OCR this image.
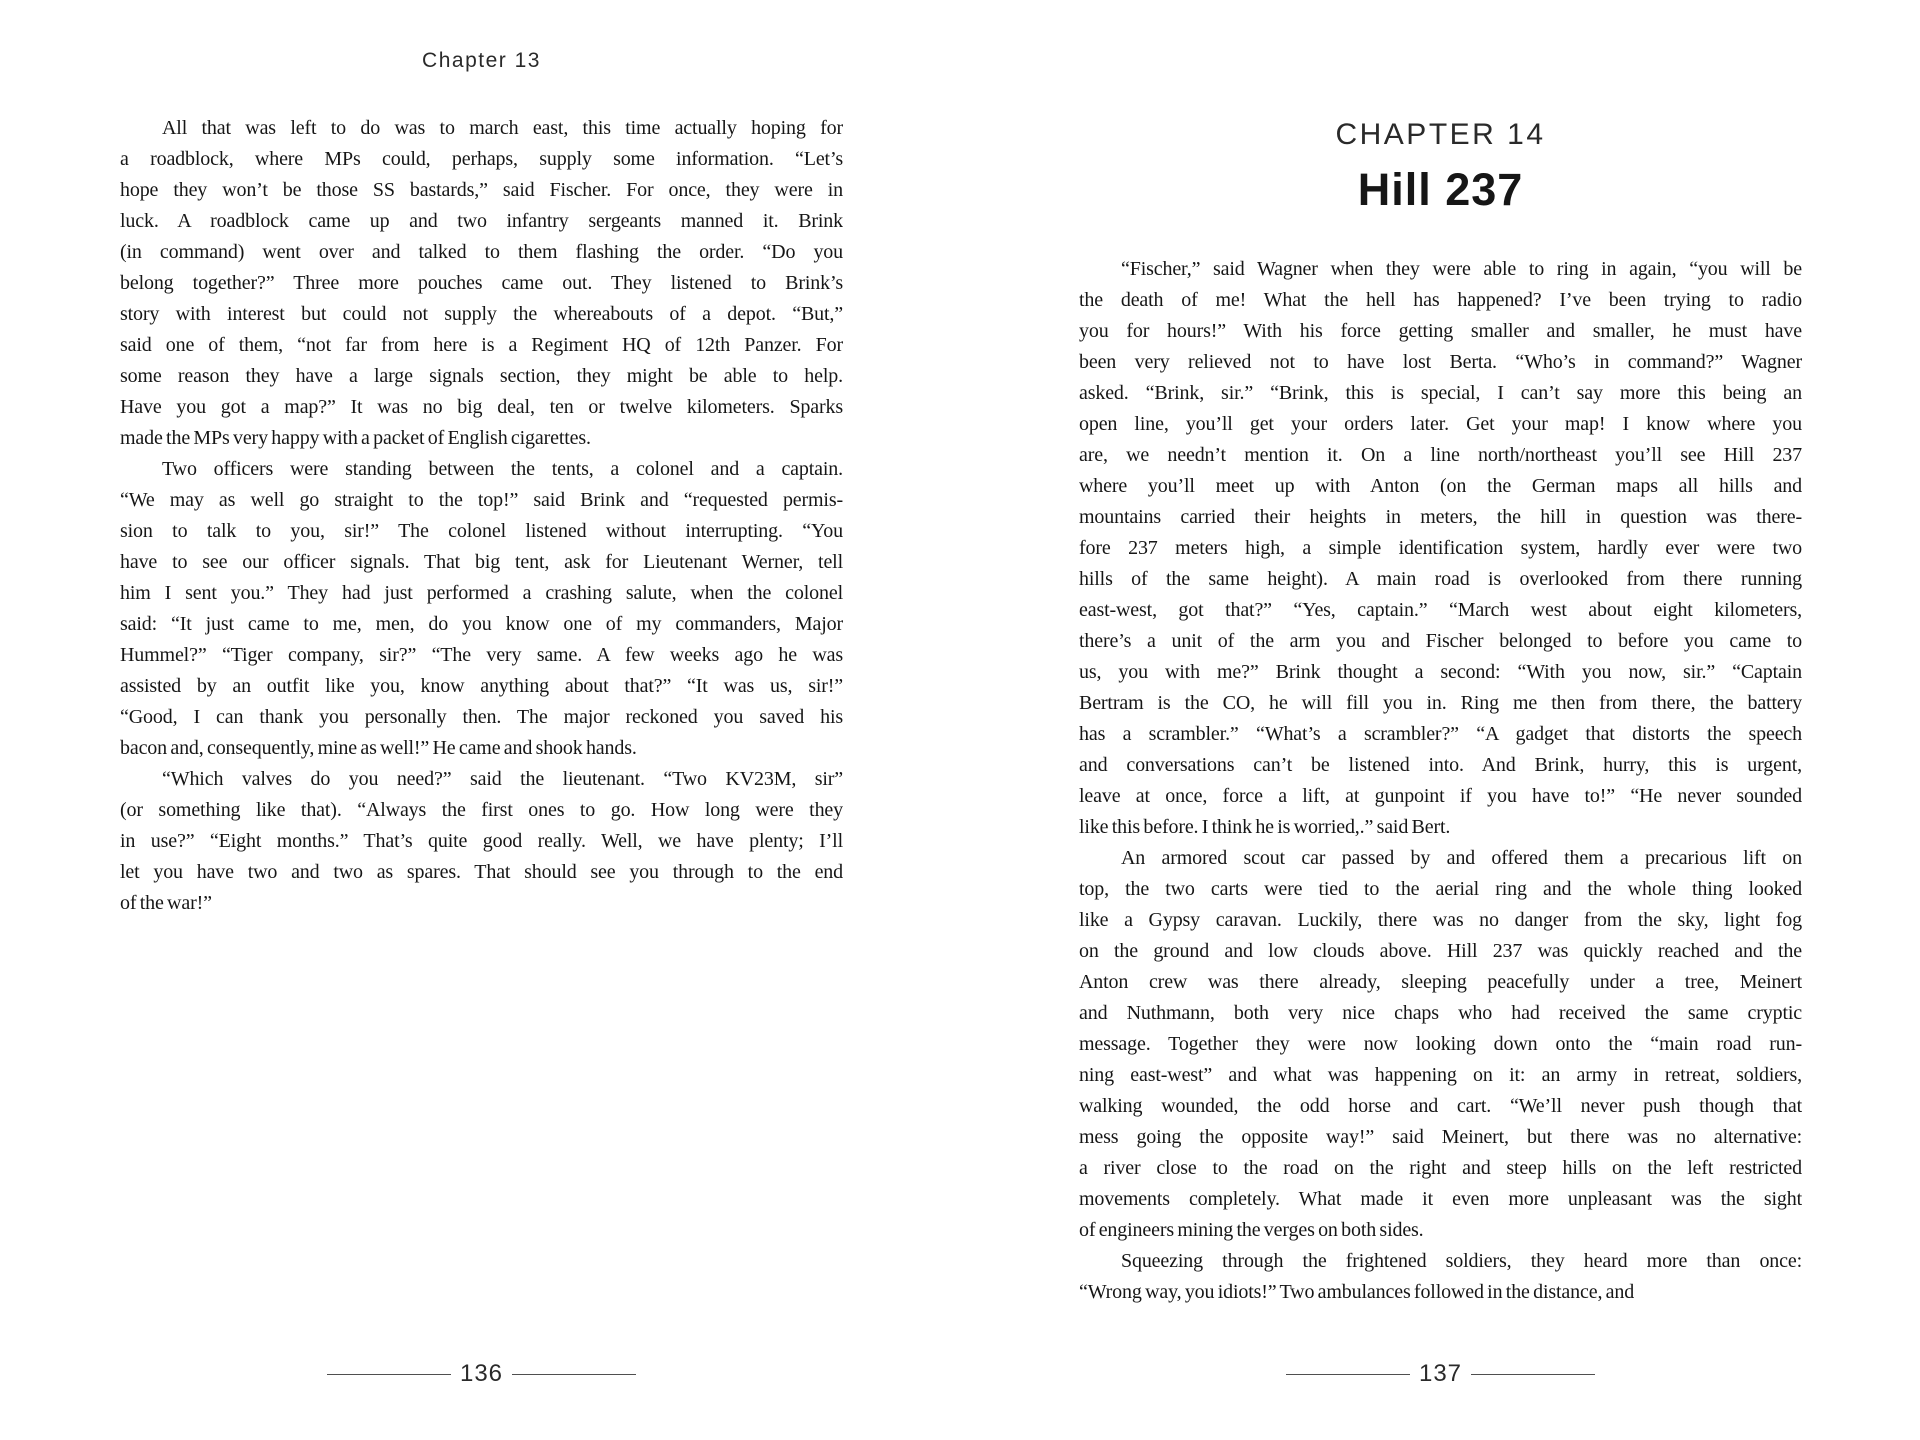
Chapter 13
All that was left to do was to march east, this time actually hoping for
a roadblock, where MPs could, perhaps, supply some information. “Let’s
hope they won’t be those SS bastards,” said Fischer. For once, they were in
luck. A roadblock came up and two infantry sergeants manned it. Brink
(in command) went over and talked to them flashing the order. “Do you
belong together?” Three more pouches came out. They listened to Brink’s
story with interest but could not supply the whereabouts of a depot. “But,”
said one of them, “not far from here is a Regiment HQ of 12th Panzer. For
some reason they have a large signals section, they might be able to help.
Have you got a map?” It was no big deal, ten or twelve kilometers. Sparks
made the MPs very happy with a packet of English cigarettes.
Two officers were standing between the tents, a colonel and a captain.
“We may as well go straight to the top!” said Brink and “requested permis-
sion to talk to you, sir!” The colonel listened without interrupting. “You
have to see our officer signals. That big tent, ask for Lieutenant Werner, tell
him I sent you.” They had just performed a crashing salute, when the colonel
said: “It just came to me, men, do you know one of my commanders, Major
Hummel?” “Tiger company, sir?” “The very same. A few weeks ago he was
assisted by an outfit like you, know anything about that?” “It was us, sir!”
“Good, I can thank you personally then. The major reckoned you saved his
bacon and, consequently, mine as well!” He came and shook hands.
“Which valves do you need?” said the lieutenant. “Two KV23M, sir”
(or something like that). “Always the first ones to go. How long were they
in use?” “Eight months.” That’s quite good really. Well, we have plenty; I’ll
let you have two and two as spares. That should see you through to the end
of the war!”
136
CHAPTER 14
Hill 237
“Fischer,” said Wagner when they were able to ring in again, “you will be
the death of me! What the hell has happened? I’ve been trying to radio
you for hours!” With his force getting smaller and smaller, he must have
been very relieved not to have lost Berta. “Who’s in command?” Wagner
asked. “Brink, sir.” “Brink, this is special, I can’t say more this being an
open line, you’ll get your orders later. Get your map! I know where you
are, we needn’t mention it. On a line north/northeast you’ll see Hill 237
where you’ll meet up with Anton (on the German maps all hills and
mountains carried their heights in meters, the hill in question was there-
fore 237 meters high, a simple identification system, hardly ever were two
hills of the same height). A main road is overlooked from there running
east-west, got that?” “Yes, captain.” “March west about eight kilometers,
there’s a unit of the arm you and Fischer belonged to before you came to
us, you with me?” Brink thought a second: “With you now, sir.” “Captain
Bertram is the CO, he will fill you in. Ring me then from there, the battery
has a scrambler.” “What’s a scrambler?” “A gadget that distorts the speech
and conversations can’t be listened into. And Brink, hurry, this is urgent,
leave at once, force a lift, at gunpoint if you have to!” “He never sounded
like this before. I think he is worried,.” said Bert.
An armored scout car passed by and offered them a precarious lift on
top, the two carts were tied to the aerial ring and the whole thing looked
like a Gypsy caravan. Luckily, there was no danger from the sky, light fog
on the ground and low clouds above. Hill 237 was quickly reached and the
Anton crew was there already, sleeping peacefully under a tree, Meinert
and Nuthmann, both very nice chaps who had received the same cryptic
message. Together they were now looking down onto the “main road run-
ning east-west” and what was happening on it: an army in retreat, soldiers,
walking wounded, the odd horse and cart. “We’ll never push though that
mess going the opposite way!” said Meinert, but there was no alternative:
a river close to the road on the right and steep hills on the left restricted
movements completely. What made it even more unpleasant was the sight
of engineers mining the verges on both sides.
Squeezing through the frightened soldiers, they heard more than once:
“Wrong way, you idiots!” Two ambulances followed in the distance, and
137
